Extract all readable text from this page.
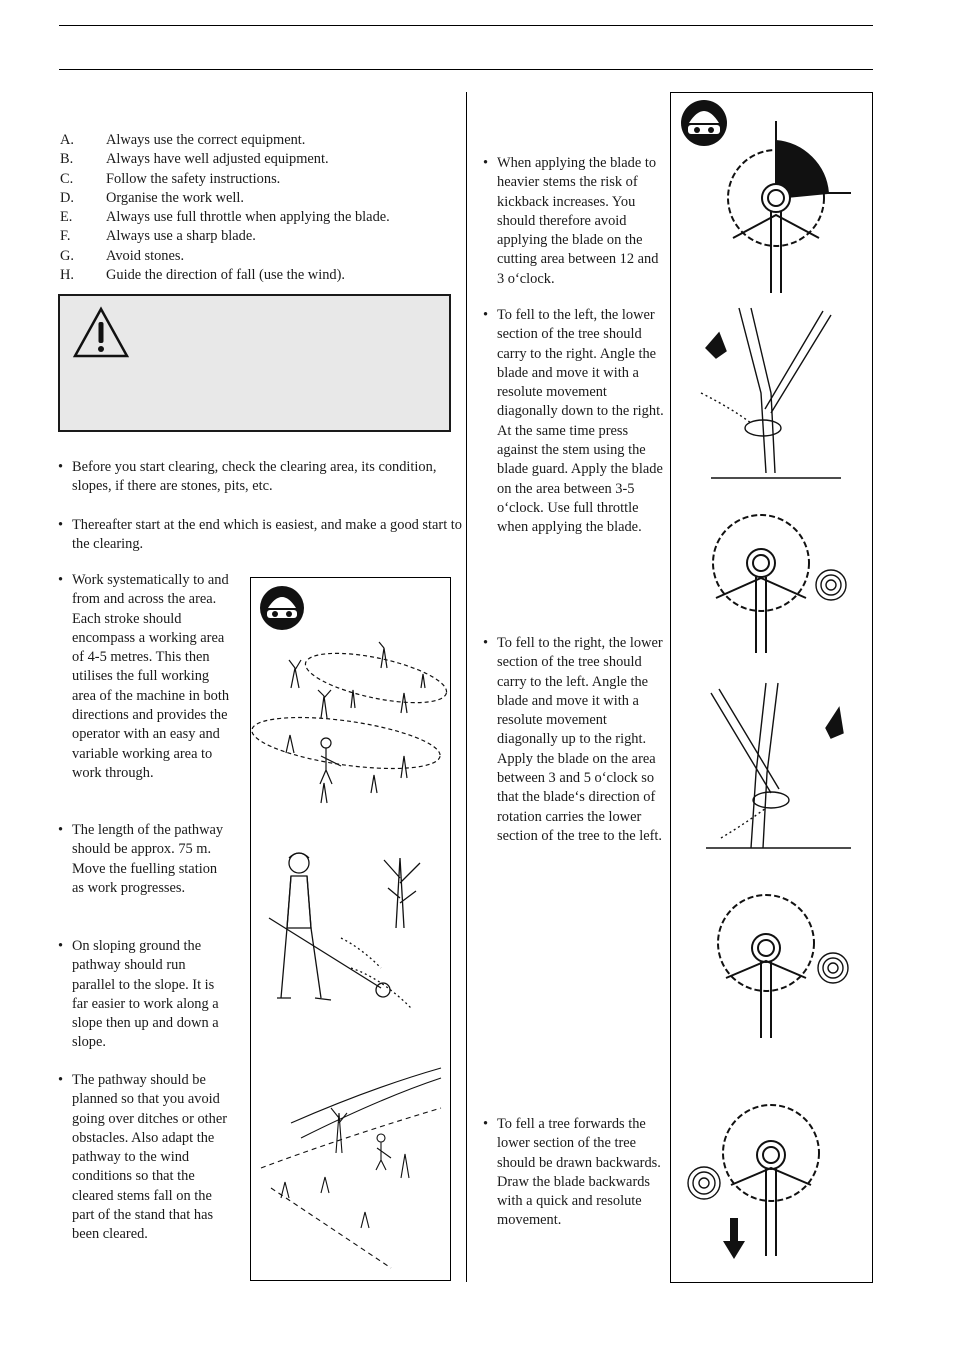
A.	Always use the correct equipment.
B.	Always have well adjusted equipment.
C.	Follow the safety instructions.
D.	Organise the work well.
E.	Always use full throttle when applying the blade.
F.	Always use a sharp blade.
G.	Avoid stones.
H.	Guide the direction of fall (use the wind).
• Before you start clearing, check the clearing area, its condition, slopes, if there are stones, pits, etc.
• Thereafter start at the end which is easiest, and make a good start to the clearing.
• Work systematically to and from and across the area. Each stroke should encompass a working area of 4-5 metres. This then utilises the full working area of the machine in both directions and provides the operator with an easy and variable working area to work through.
• The length of the pathway should be approx. 75 m. Move the fuelling station as work progresses.
• On sloping ground the pathway should run parallel to the slope. It is far easier to work along a slope then up and down a slope.
• The pathway should be planned so that you avoid going over ditches or other obstacles. Also adapt the pathway to the wind conditions so that the cleared stems fall on the part of the stand that has been cleared.
• When applying the blade to heavier stems the risk of kickback increases. You should therefore avoid applying the blade on the cutting area between 12 and 3 o‘clock.
• To fell to the left, the lower section of the tree should carry to the right. Angle the blade and move it with a resolute movement diagonally down to the right. At the same time press against the stem using the blade guard. Apply the blade on the area between 3-5 o‘clock. Use full throttle when applying the blade.
• To fell to the right, the lower section of the tree should carry to the left. Angle the blade and move it with a resolute movement diagonally up to the right. Apply the blade on the area between 3 and 5 o‘clock so that the blade‘s direction of rotation carries the lower section of the tree to the left.
• To fell a tree forwards the lower section of the tree should be drawn backwards. Draw the blade backwards with a quick and resolute movement.
